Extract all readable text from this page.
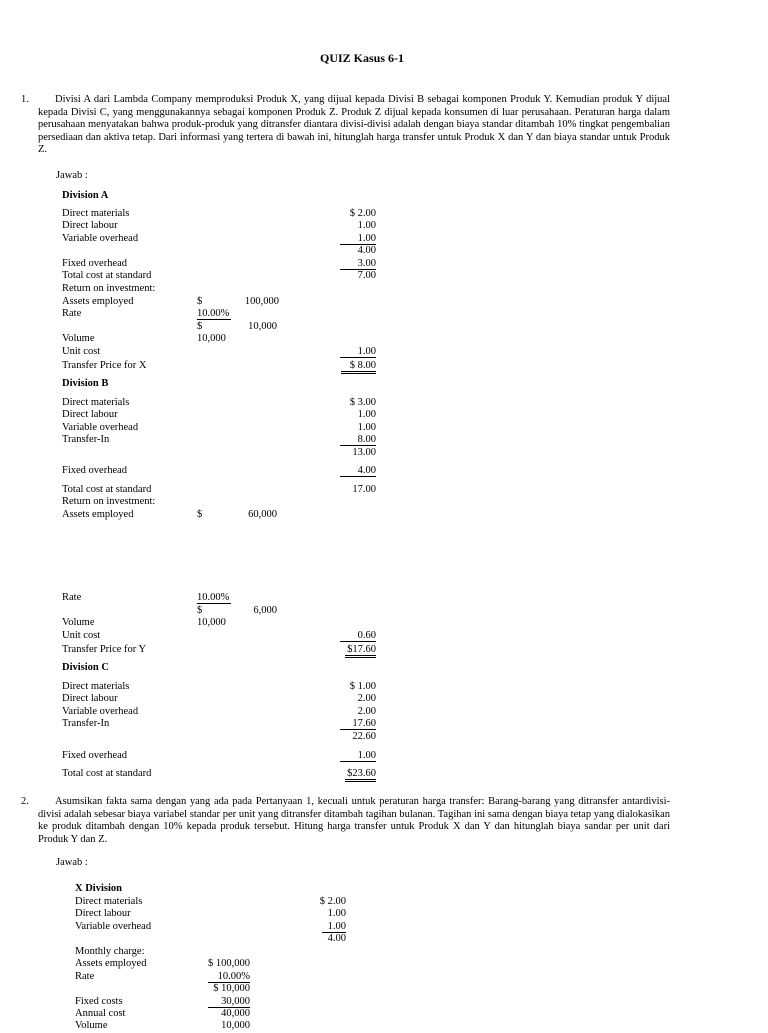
QUIZ Kasus 6-1
1. Divisi A dari Lambda Company memproduksi Produk X, yang dijual kepada Divisi B sebagai komponen Produk Y. Kemudian produk Y dijual kepada Divisi C, yang menggunakannya sebagai komponen Produk Z. Produk Z dijual kepada konsumen di luar perusahaan. Peraturan harga dalam perusahaan menyatakan bahwa produk-produk yang ditransfer diantara divisi-divisi adalah dengan biaya standar ditambah 10% tingkat pengembalian persediaan dan aktiva tetap. Dari informasi yang tertera di bawah ini, hitunglah harga transfer untuk Produk X dan Y dan biaya standar untuk Produk Z.
Jawab :
Division A
Direct materials	$ 2.00
Direct labour	1.00
Variable overhead	1.00
4.00
Fixed overhead	3.00
Total cost at standard	7.00
Return on investment:
Assets employed	$	100,000
Rate	10.00%
$	10,000
Volume	10,000
Unit cost	1.00
Transfer Price for X	$ 8.00
Division B
Direct materials	$ 3.00
Direct labour	1.00
Variable overhead	1.00
Transfer-In	8.00
13.00
Fixed overhead	4.00
Total cost at standard	17.00
Return on investment:
Assets employed	$	60,000
Rate	10.00%
$	6,000
Volume	10,000
Unit cost	0.60
Transfer Price for Y	$17.60
Division C
Direct materials	$ 1.00
Direct labour	2.00
Variable overhead	2.00
Transfer-In	17.60
22.60
Fixed overhead	1.00
Total cost at standard	$23.60
2. Asumsikan fakta sama dengan yang ada pada Pertanyaan 1, kecuali untuk peraturan harga transfer: Barang-barang yang ditransfer antardivisi-divisi adalah sebesar biaya variabel standar per unit yang ditransfer ditambah tagihan bulanan. Tagihan ini sama dengan biaya tetap yang dialokasikan ke produk ditambah dengan 10% kepada produk tersebut. Hitung harga transfer untuk Produk X dan Y dan hitunglah biaya sandar per unit dari Produk Y dan Z.
Jawab :
X Division
Direct materials	$ 2.00
Direct labour	1.00
Variable overhead	1.00
4.00
Monthly charge:
Assets employed	$ 100,000
Rate	10.00%
$ 10,000
Fixed costs	30,000
Annual cost	40,000
Volume	10,000
